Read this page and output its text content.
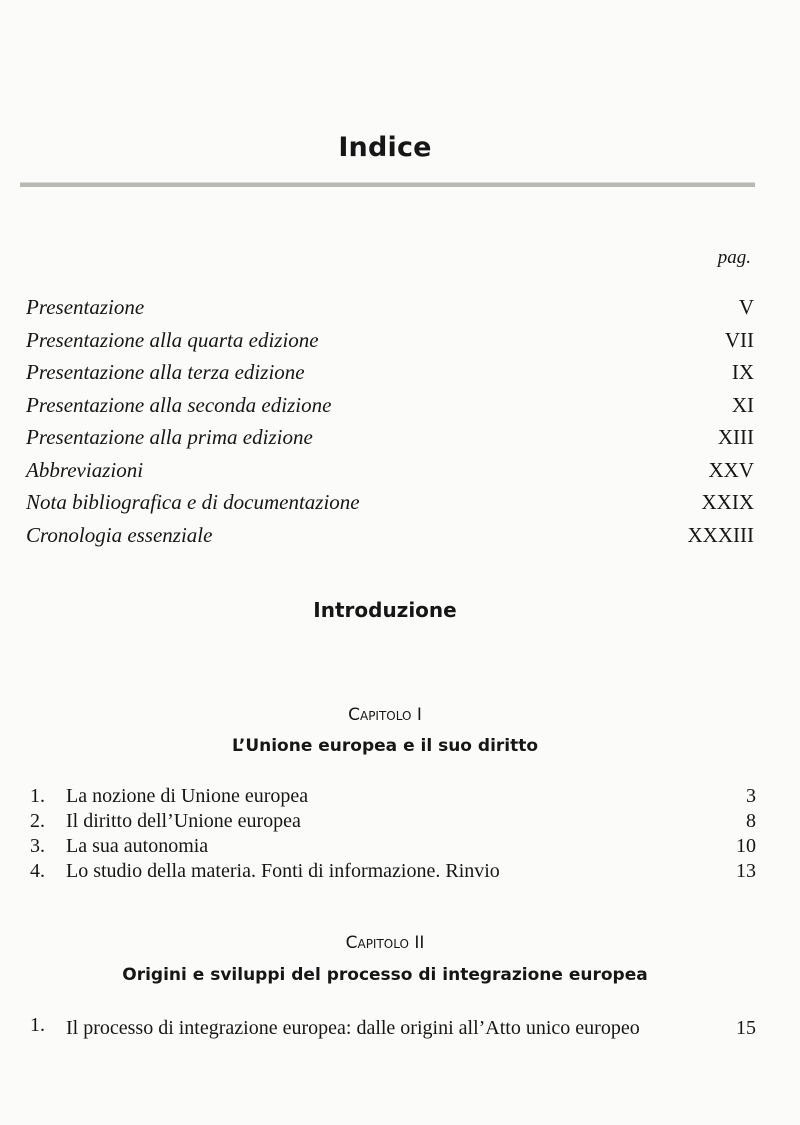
Indice
pag.
Presentazione	V
Presentazione alla quarta edizione	VII
Presentazione alla terza edizione	IX
Presentazione alla seconda edizione	XI
Presentazione alla prima edizione	XIII
Abbreviazioni	XXV
Nota bibliografica e di documentazione	XXIX
Cronologia essenziale	XXXIII
Introduzione
Capitolo I
L’Unione europea e il suo diritto
1.	La nozione di Unione europea	3
2.	Il diritto dell’Unione europea	8
3.	La sua autonomia	10
4.	Lo studio della materia. Fonti di informazione. Rinvio	13
Capitolo II
Origini e sviluppi del processo di integrazione europea
1.	Il processo di integrazione europea: dalle origini all’Atto unico europeo	15
